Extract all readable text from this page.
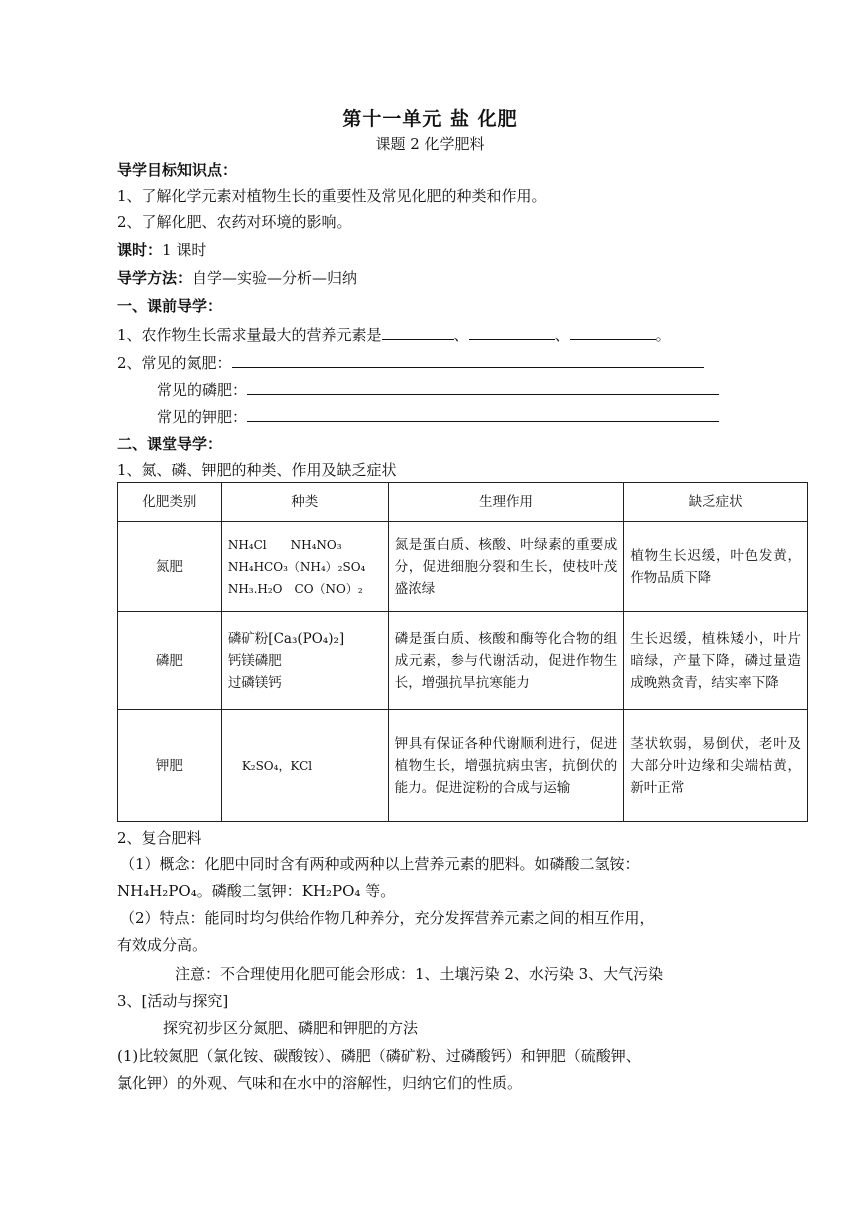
第十一单元 盐 化肥
课题 2 化学肥料
导学目标知识点：
1、了解化学元素对植物生长的重要性及常见化肥的种类和作用。
2、了解化肥、农药对环境的影响。
课时：1 课时
导学方法：自学—实验—分析—归纳
一、课前导学：
1、农作物生长需求量最大的营养元素是	、	、	。
2、常见的氮肥：
常见的磷肥：
常见的钾肥：
二、课堂导学：
1、氮、磷、钾肥的种类、作用及缺乏症状
化肥类别	种类	生理作用	缺乏症状
氮肥	NH₄Cl　　NH₄NO₃
NH₄HCO₃（NH₄）₂SO₄
NH₃.H₂O　CO（NO）₂	氮是蛋白质、核酸、叶绿素的重要成分，促进细胞分裂和生长，使枝叶茂盛浓绿	植物生长迟缓，叶色发黄，作物品质下降
磷肥	磷矿粉[Ca₃(PO₄)₂]
钙镁磷肥
过磷镁钙	磷是蛋白质、核酸和酶等化合物的组成元素，参与代谢活动，促进作物生长，增强抗旱抗寒能力	生长迟缓，植株矮小，叶片暗绿，产量下降，磷过量造成晚熟贪青，结实率下降
钾肥	K₂SO₄，KCl	钾具有保证各种代谢顺利进行，促进植物生长，增强抗病虫害，抗倒伏的能力。促进淀粉的合成与运输	茎状软弱，易倒伏，老叶及大部分叶边缘和尖端枯黄，新叶正常
2、复合肥料
（1）概念：化肥中同时含有两种或两种以上营养元素的肥料。如磷酸二氢铵：
NH₄H₂PO₄。磷酸二氢钾：KH₂PO₄ 等。
（2）特点：能同时均匀供给作物几种养分，充分发挥营养元素之间的相互作用，
有效成分高。
注意：不合理使用化肥可能会形成：1、土壤污染 2、水污染 3、大气污染
3、[活动与探究]
探究初步区分氮肥、磷肥和钾肥的方法
(1)比较氮肥（氯化铵、碳酸铵）、磷肥（磷矿粉、过磷酸钙）和钾肥（硫酸钾、
氯化钾）的外观、气味和在水中的溶解性，归纳它们的性质。
